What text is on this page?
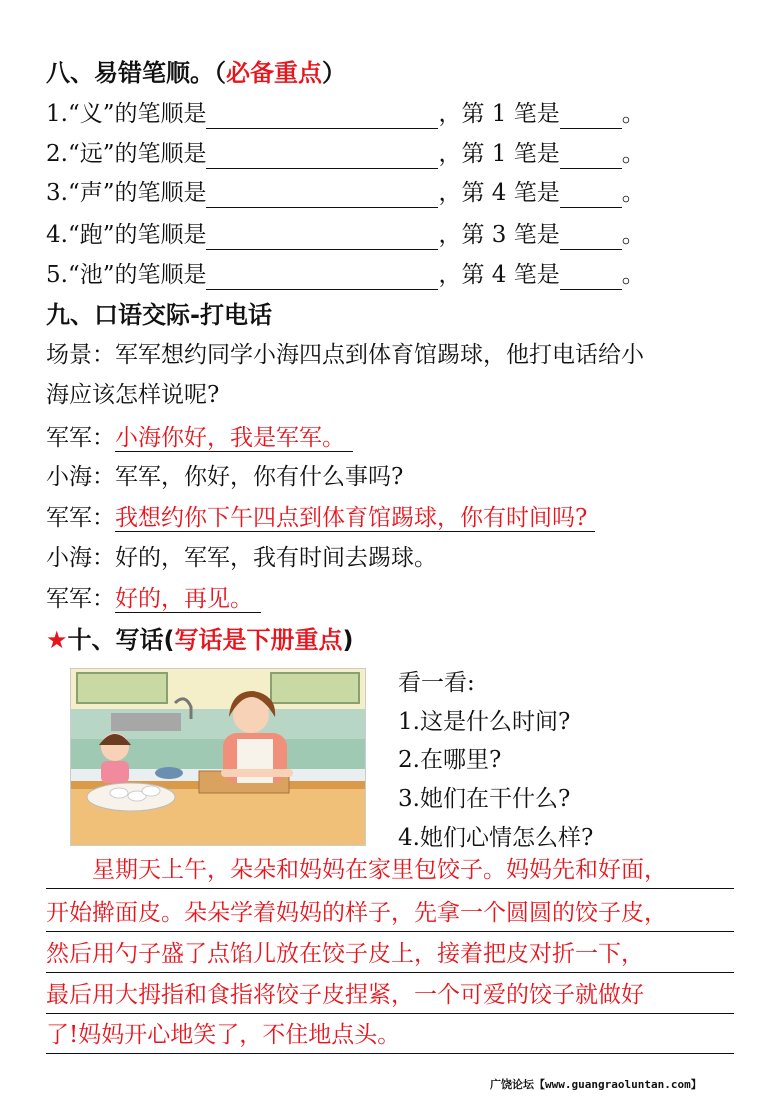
八、易错笔顺。（必备重点）
1.“义”的笔顺是	，第 1 笔是	。
2.“远”的笔顺是	，第 1 笔是	。
3.“声”的笔顺是	，第 4 笔是	。
4.“跑”的笔顺是	，第 3 笔是	。
5.“池”的笔顺是	，第 4 笔是	。
九、口语交际-打电话
场景：军军想约同学小海四点到体育馆踢球，他打电话给小
海应该怎样说呢?
军军：小海你好，我是军军。
小海：军军，你好，你有什么事吗?
军军：我想约你下午四点到体育馆踢球，你有时间吗?
小海：好的，军军，我有时间去踢球。
军军：好的，再见。
★十、写话(写话是下册重点)
看一看:
1.这是什么时间?
2.在哪里?
3.她们在干什么?
4.她们心情怎么样?
　　星期天上午，朵朵和妈妈在家里包饺子。妈妈先和好面，
开始擀面皮。朵朵学着妈妈的样子，先拿一个圆圆的饺子皮，
然后用勺子盛了点馅儿放在饺子皮上，接着把皮对折一下，
最后用大拇指和食指将饺子皮捏紧，一个可爱的饺子就做好
了!妈妈开心地笑了，不住地点头。
广饶论坛【www.guangraoluntan.com】
